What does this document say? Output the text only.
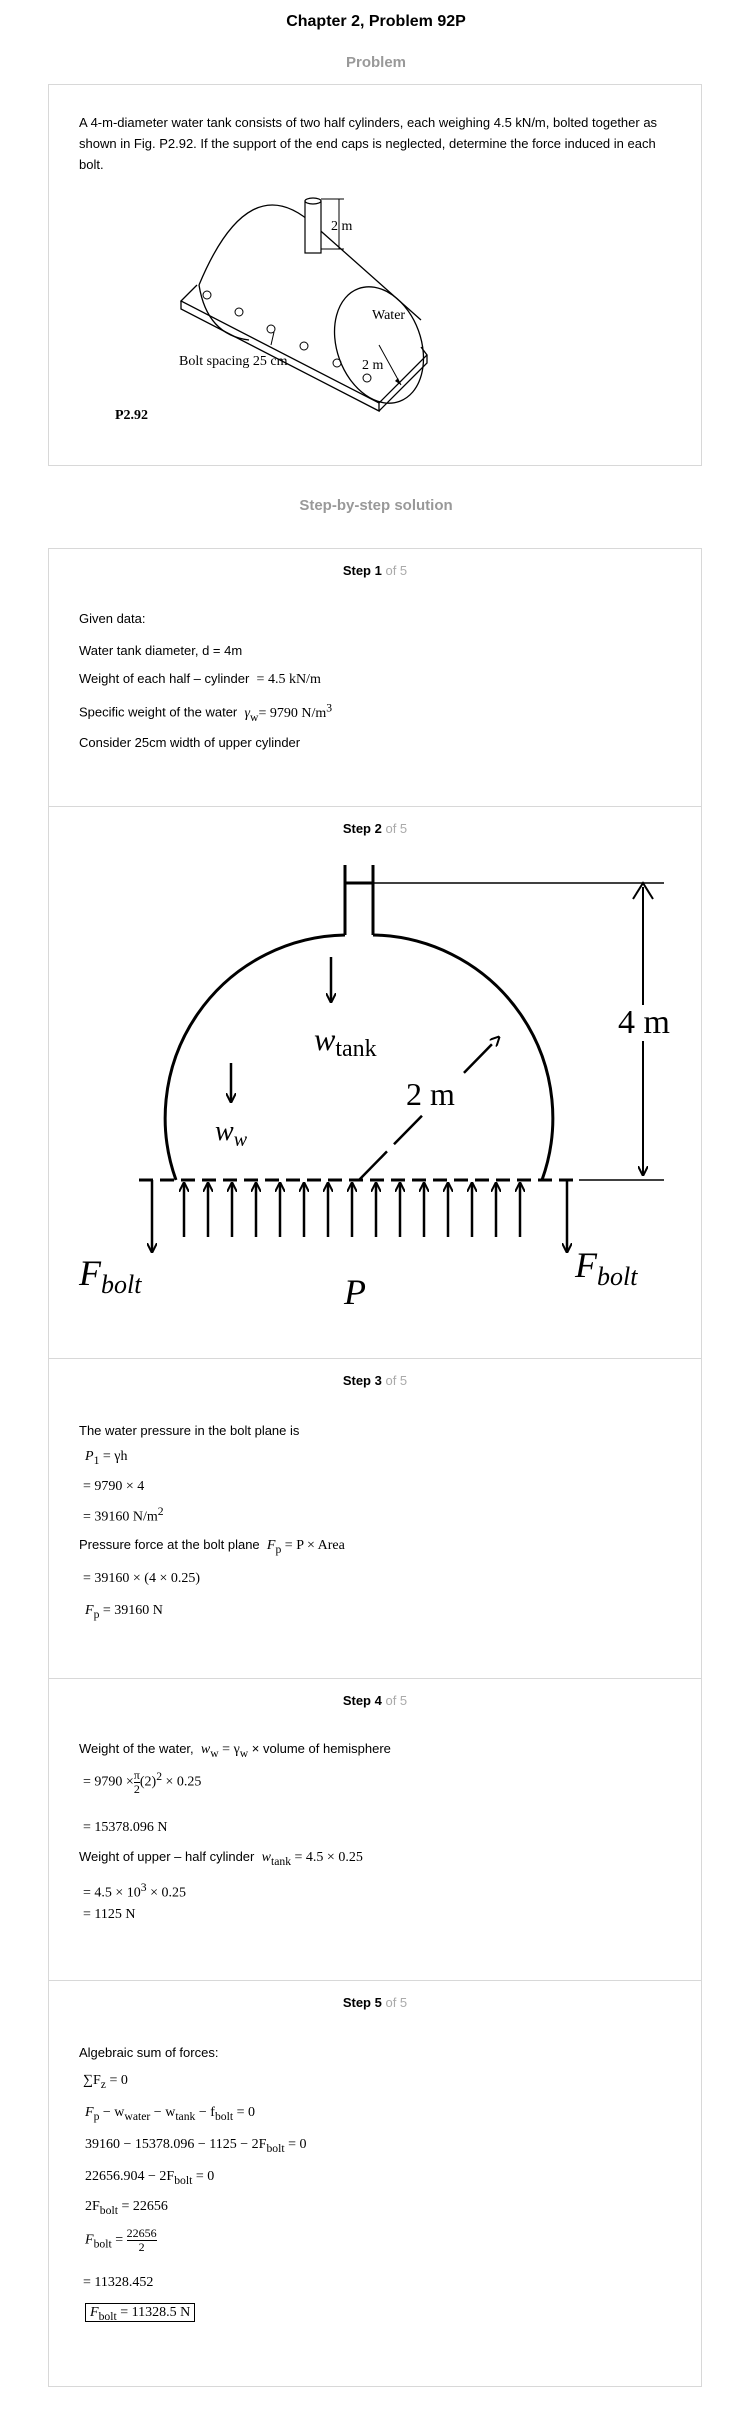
Chapter 2, Problem 92P
Problem
A 4-m-diameter water tank consists of two half cylinders, each weighing 4.5 kN/m, bolted together as shown in Fig. P2.92. If the support of the end caps is neglected, determine the force induced in each bolt.
2 m
Water
2 m
Bolt spacing 25 cm
P2.92
Step-by-step solution
Step 1 of 5
Given data:
Water tank diameter, d = 4m
Weight of each half – cylinder = 4.5 kN/m
Specific weight of the water $\gamma_w= 9790$ $N/m^3$
Consider 25cm width of upper cylinder
Step 2 of 5
4 m
wtank
$w_w$
2 m
$F_{bolt}$	$F_{bolt}$
P
Step 3 of 5
The water pressure in the bolt plane is
$P_1 = \gamma h$
= 9790 × 4
= 39160 $N/m^2$
Pressure force at the bolt plane $F_p = P$ × Area
= 39160 × (4 × 0.25)
$F_p = 39160$ N
Step 4 of 5
Weight of the water, $w_w = \gamma_w$ × volume of hemisphere
= $9790 \times \frac{\pi}{2} (2)^2 \times 0.25$
= 15378.096 N
Weight of upper – half cylinder $w_{tank} = 4.5 \times 0.25$
= $4.5 \times 10^3 \times 0.25$
= 1125 N
Step 5 of 5
Algebraic sum of forces:
$\sum F_z = 0$
$F_p - w_{water} - w_{tank} - f_{bolt} = 0$
$39160 - 15378.096 - 1125 - 2F_{bolt} = 0$
$22656.904 - 2F_{bolt} = 0$
$2F_{bolt} = 22656$
$F_{bolt} = \frac{22656}{2}$
= 11328.452
$F_{bolt} = 11328.5$ N
